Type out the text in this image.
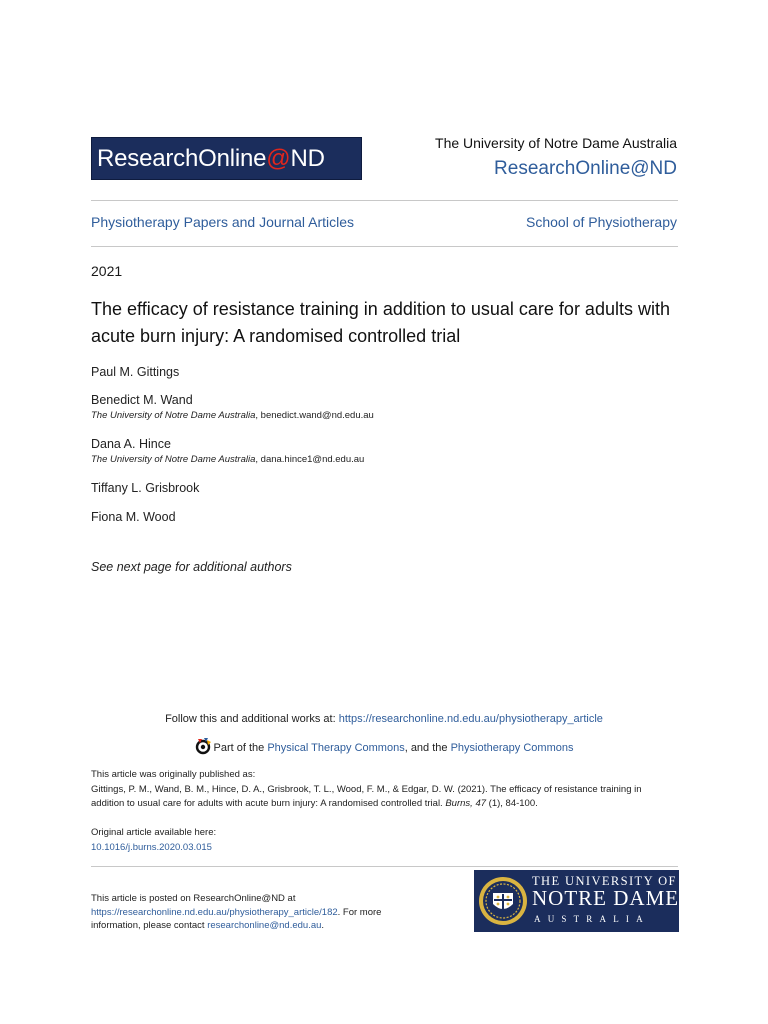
ResearchOnline@ND
The University of Notre Dame Australia
ResearchOnline@ND
Physiotherapy Papers and Journal Articles	School of Physiotherapy
2021
The efficacy of resistance training in addition to usual care for adults with acute burn injury: A randomised controlled trial
Paul M. Gittings
Benedict M. Wand
The University of Notre Dame Australia, benedict.wand@nd.edu.au
Dana A. Hince
The University of Notre Dame Australia, dana.hince1@nd.edu.au
Tiffany L. Grisbrook
Fiona M. Wood
See next page for additional authors
Follow this and additional works at: https://researchonline.nd.edu.au/physiotherapy_article
Part of the Physical Therapy Commons, and the Physiotherapy Commons
This article was originally published as:
Gittings, P. M., Wand, B. M., Hince, D. A., Grisbrook, T. L., Wood, F. M., & Edgar, D. W. (2021). The efficacy of resistance training in addition to usual care for adults with acute burn injury: A randomised controlled trial. Burns, 47 (1), 84-100.
Original article available here:
10.1016/j.burns.2020.03.015
This article is posted on ResearchOnline@ND at
https://researchonline.nd.edu.au/physiotherapy_article/182. For more information, please contact researchonline@nd.edu.au.
THE UNIVERSITY OF
NOTRE DAME
AUSTRALIA
